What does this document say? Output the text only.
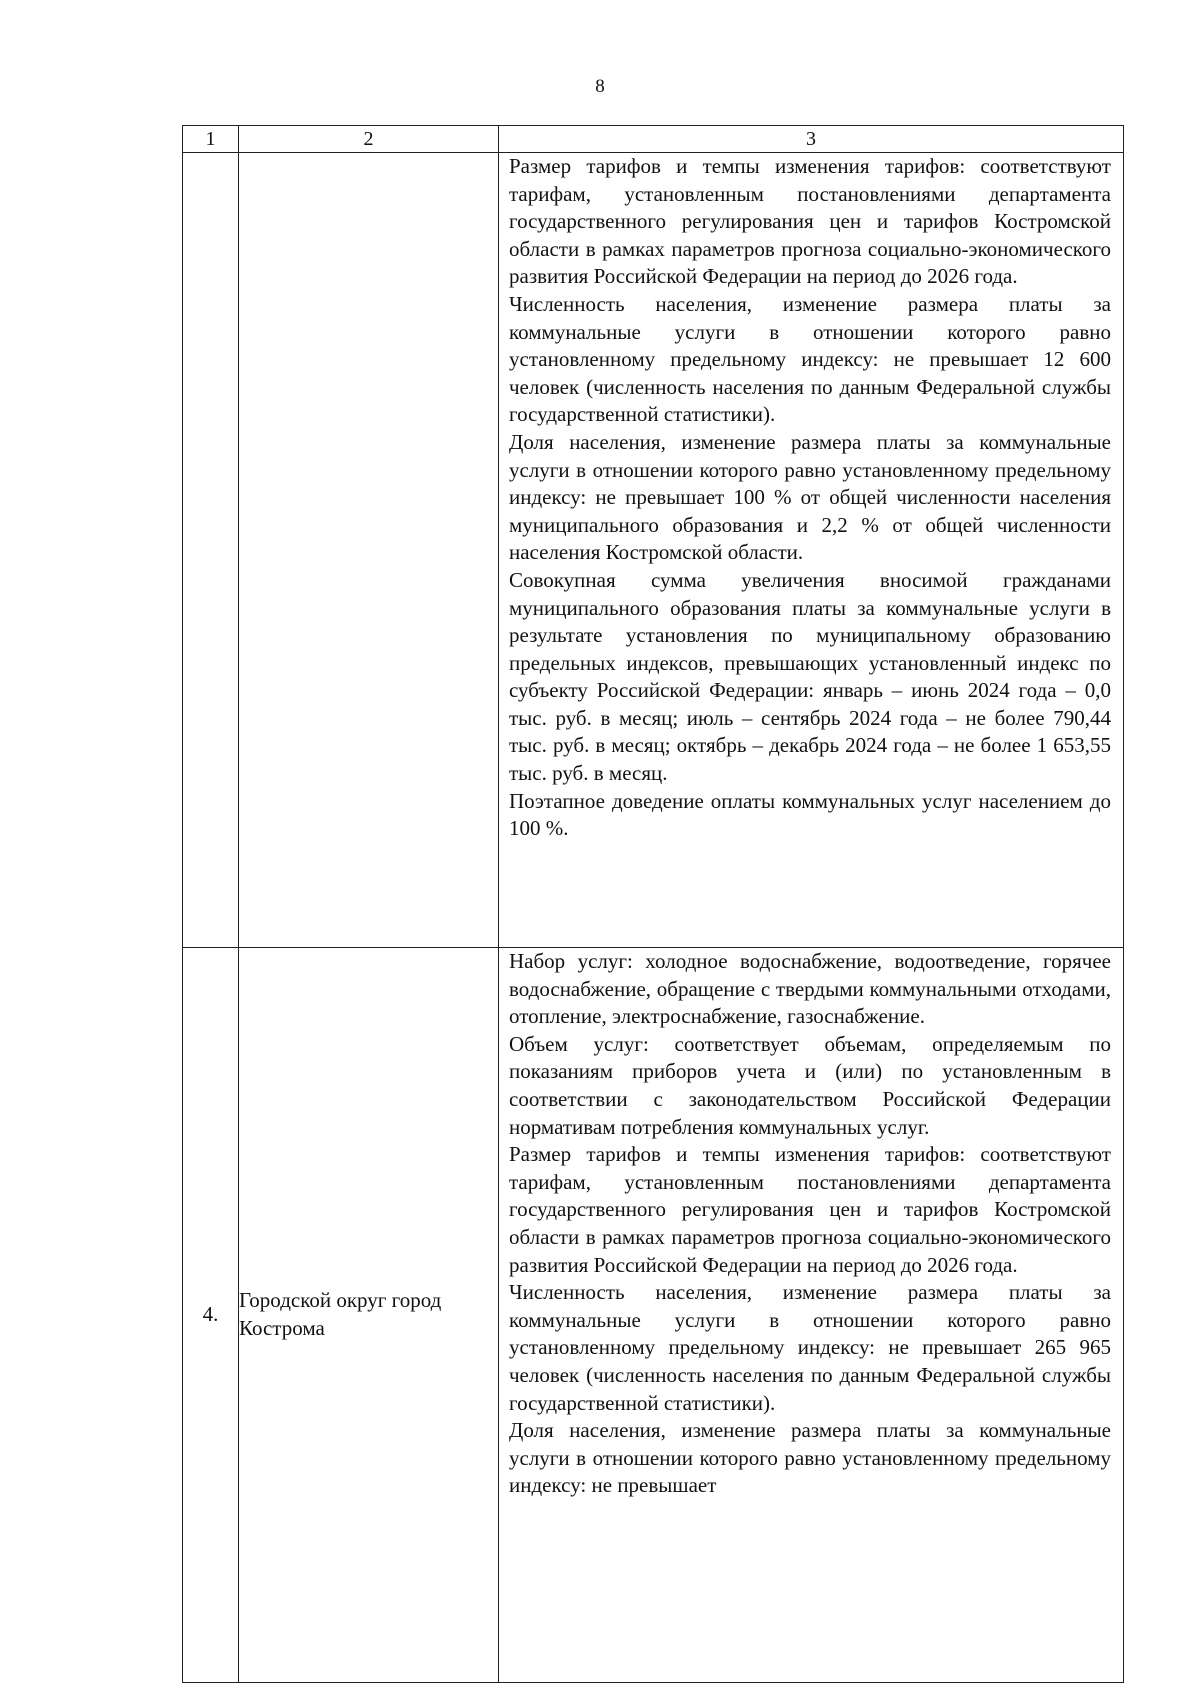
8
1	2	3

		Размер тарифов и темпы изменения тарифов: соответствуют тарифам, установленным постановлениями департамента государственного регулирования цен и тарифов Костромской области в рамках параметров прогноза социально-экономического развития Российской Федерации на период до 2026 года.
Численность населения, изменение размера платы за коммунальные услуги в отношении которого равно установленному предельному индексу: не превышает 12 600 человек (численность населения по данным Федеральной службы государственной статистики).
Доля населения, изменение размера платы за коммунальные услуги в отношении которого равно установленному предельному индексу: не превышает 100 % от общей численности населения муниципального образования и 2,2 % от общей численности населения Костромской области.
Совокупная сумма увеличения вносимой гражданами муниципального образования платы за коммунальные услуги в результате установления по муниципальному образованию предельных индексов, превышающих установленный индекс по субъекту Российской Федерации: январь – июнь 2024 года – 0,0 тыс. руб. в месяц; июль – сентябрь 2024 года – не более 790,44 тыс. руб. в месяц; октябрь – декабрь 2024 года – не более 1 653,55 тыс. руб. в месяц.
Поэтапное доведение оплаты коммунальных услуг населением до 100 %.

4.	Городской округ город Кострома	Набор услуг: холодное водоснабжение, водоотведение, горячее водоснабжение, обращение с твердыми коммунальными отходами, отопление, электроснабжение, газоснабжение.
Объем услуг: соответствует объемам, определяемым по показаниям приборов учета и (или) по установленным в соответствии с законодательством Российской Федерации нормативам потребления коммунальных услуг.
Размер тарифов и темпы изменения тарифов: соответствуют тарифам, установленным постановлениями департамента государственного регулирования цен и тарифов Костромской области в рамках параметров прогноза социально-экономического развития Российской Федерации на период до 2026 года.
Численность населения, изменение размера платы за коммунальные услуги в отношении которого равно установленному предельному индексу: не превышает 265 965 человек (численность населения по данным Федеральной службы государственной статистики).
Доля населения, изменение размера платы за коммунальные услуги в отношении которого равно установленному предельному индексу: не превышает
